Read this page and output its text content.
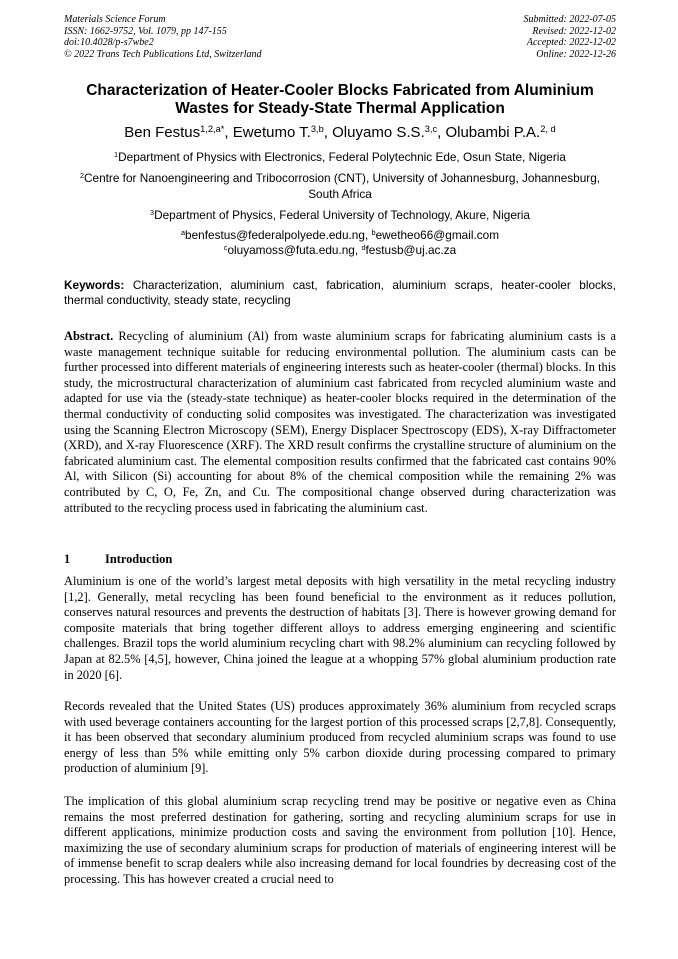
Materials Science Forum
ISSN: 1662-9752, Vol. 1079, pp 147-155
doi:10.4028/p-s7wbe2
© 2022 Trans Tech Publications Ltd, Switzerland
Submitted: 2022-07-05
Revised: 2022-12-02
Accepted: 2022-12-02
Online: 2022-12-26
Characterization of Heater-Cooler Blocks Fabricated from Aluminium Wastes for Steady-State Thermal Application
Ben Festus$^{1,2,a*}$, Ewetumo T.$^{3,b}$, Oluyamo S.S.$^{3,c}$, Olubambi P.A.$^{2, d}$
$^1$Department of Physics with Electronics, Federal Polytechnic Ede, Osun State, Nigeria
$^2$Centre for Nanoengineering and Tribocorrosion (CNT), University of Johannesburg, Johannesburg, South Africa
$^3$Department of Physics, Federal University of Technology, Akure, Nigeria
$^a$benfestus@federalpolyede.edu.ng, $^b$ewetheo66@gmail.com
$^c$oluyamoss@futa.edu.ng, $^d$festusb@uj.ac.za
Keywords: Characterization, aluminium cast, fabrication, aluminium scraps, heater-cooler blocks, thermal conductivity, steady state, recycling
Abstract. Recycling of aluminium (Al) from waste aluminium scraps for fabricating aluminium casts is a waste management technique suitable for reducing environmental pollution. The aluminium casts can be further processed into different materials of engineering interests such as heater-cooler (thermal) blocks. In this study, the microstructural characterization of aluminium cast fabricated from recycled aluminium waste and adapted for use via the (steady-state technique) as heater-cooler blocks required in the determination of the thermal conductivity of conducting solid composites was investigated. The characterization was investigated using the Scanning Electron Microscopy (SEM), Energy Displacer Spectroscopy (EDS), X-ray Diffractometer (XRD), and X-ray Fluorescence (XRF). The XRD result confirms the crystalline structure of aluminium on the fabricated aluminium cast. The elemental composition results confirmed that the fabricated cast contains 90% Al, with Silicon (Si) accounting for about 8% of the chemical composition while the remaining 2% was contributed by C, O, Fe, Zn, and Cu. The compositional change observed during characterization was attributed to the recycling process used in fabricating the aluminium cast.
1	Introduction
Aluminium is one of the world’s largest metal deposits with high versatility in the metal recycling industry [1,2]. Generally, metal recycling has been found beneficial to the environment as it reduces pollution, conserves natural resources and prevents the destruction of habitats [3]. There is however growing demand for composite materials that bring together different alloys to address emerging engineering and scientific challenges. Brazil tops the world aluminium recycling chart with 98.2% aluminium can recycling followed by Japan at 82.5% [4,5], however, China joined the league at a whopping 57% global aluminium production rate in 2020 [6].
Records revealed that the United States (US) produces approximately 36% aluminium from recycled scraps with used beverage containers accounting for the largest portion of this processed scraps [2,7,8]. Consequently, it has been observed that secondary aluminium produced from recycled aluminium scraps was found to use energy of less than 5% while emitting only 5% carbon dioxide during processing compared to primary production of aluminium [9].
The implication of this global aluminium scrap recycling trend may be positive or negative even as China remains the most preferred destination for gathering, sorting and recycling aluminium scraps for use in different applications, minimize production costs and saving the environment from pollution [10]. Hence, maximizing the use of secondary aluminium scraps for production of materials of engineering interest will be of immense benefit to scrap dealers while also increasing demand for local foundries by decreasing cost of the processing. This has however created a crucial need to
